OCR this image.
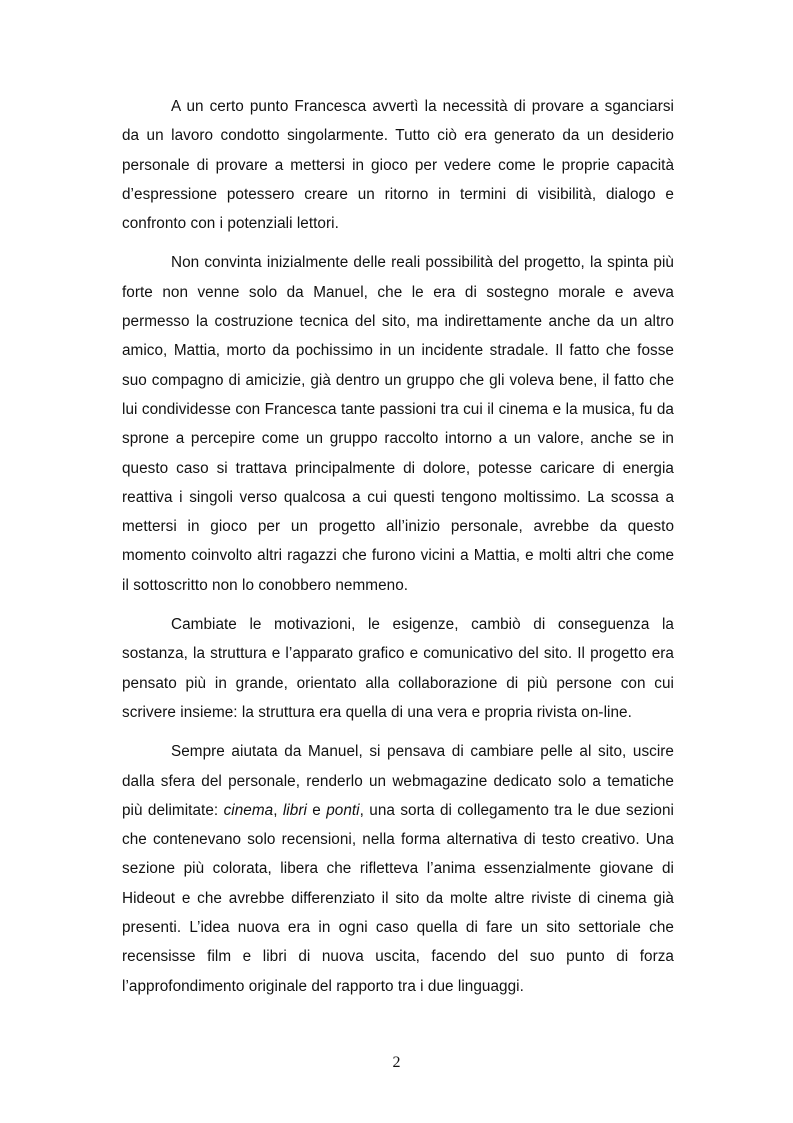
A un certo punto Francesca avvertì la necessità di provare a sganciarsi da un lavoro condotto singolarmente. Tutto ciò era generato da un desiderio personale di provare a mettersi in gioco per vedere come le proprie capacità d’espressione potessero creare un ritorno in termini di visibilità, dialogo e confronto con i potenziali lettori.

Non convinta inizialmente delle reali possibilità del progetto, la spinta più forte non venne solo da Manuel, che le era di sostegno morale e aveva permesso la costruzione tecnica del sito, ma indirettamente anche da un altro amico, Mattia, morto da pochissimo in un incidente stradale. Il fatto che fosse suo compagno di amicizie, già dentro un gruppo che gli voleva bene, il fatto che lui condividesse con Francesca tante passioni tra cui il cinema e la musica, fu da sprone a percepire come un gruppo raccolto intorno a un valore, anche se in questo caso si trattava principalmente di dolore, potesse caricare di energia reattiva i singoli verso qualcosa a cui questi tengono moltissimo. La scossa a mettersi in gioco per un progetto all’inizio personale, avrebbe da questo momento coinvolto altri ragazzi che furono vicini a Mattia, e molti altri che come il sottoscritto non lo conobbero nemmeno.

Cambiate le motivazioni, le esigenze, cambiò di conseguenza la sostanza, la struttura e l’apparato grafico e comunicativo del sito. Il progetto era pensato più in grande, orientato alla collaborazione di più persone con cui scrivere insieme: la struttura era quella di una vera e propria rivista on-line.

Sempre aiutata da Manuel, si pensava di cambiare pelle al sito, uscire dalla sfera del personale, renderlo un webmagazine dedicato solo a tematiche più delimitate: cinema, libri e ponti, una sorta di collegamento tra le due sezioni che contenevano solo recensioni, nella forma alternativa di testo creativo. Una sezione più colorata, libera che rifletteva l’anima essenzialmente giovane di Hideout e che avrebbe differenziato il sito da molte altre riviste di cinema già presenti. L’idea nuova era in ogni caso quella di fare un sito settoriale che recensisse film e libri di nuova uscita, facendo del suo punto di forza l’approfondimento originale del rapporto tra i due linguaggi.

2
